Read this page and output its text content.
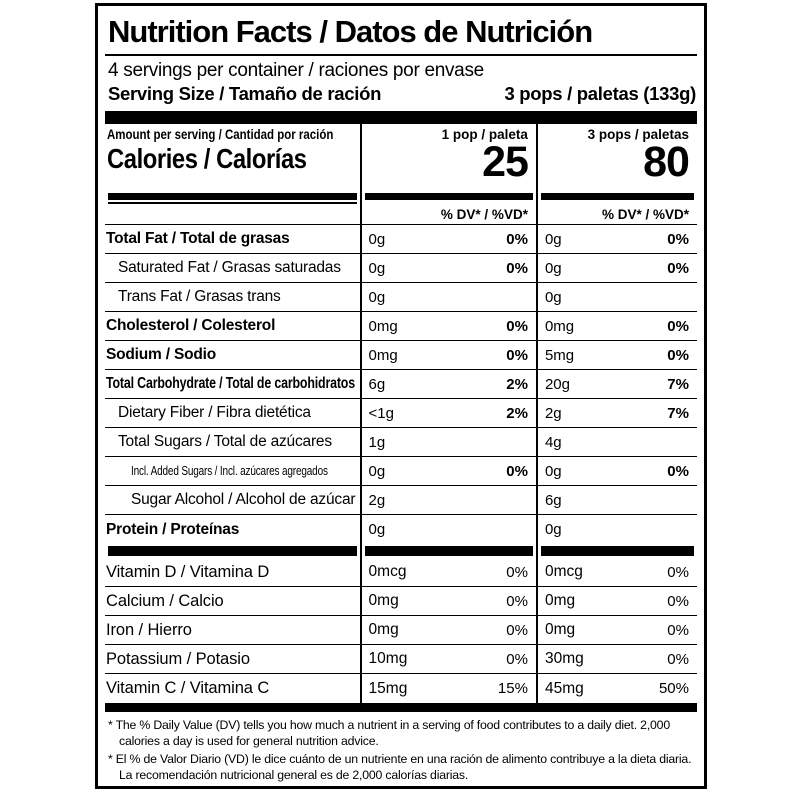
Nutrition Facts / Datos de Nutrición
4 servings per container / raciones por envase
Serving Size / Tamaño de ración	3 pops / paletas (133g)
Amount per serving / Cantidad por ración
Calories / Calorías
1 pop / paleta
25
3 pops / paletas
80
% DV* / %VD*	% DV* / %VD*
Total Fat / Total de grasas	0g	0% 0g	0%
Saturated Fat / Grasas saturadas	0g	0% 0g	0%
Trans Fat / Grasas trans	0g	0g
Cholesterol / Colesterol	0mg	0% 0mg	0%
Sodium / Sodio	0mg	0% 5mg	0%
Total Carbohydrate / Total de carbohidratos 6g	2% 20g	7%
Dietary Fiber / Fibra dietética	<1g	2% 2g	7%
Total Sugars / Total de azúcares	1g	4g
Incl. Added Sugars / Incl. azúcares agregados	0g	0% 0g	0%
Sugar Alcohol / Alcohol de azúcar 2g	6g
Protein / Proteínas	0g	0g
Vitamin D / Vitamina D	0mcg	0% 0mcg	0%
Calcium / Calcio	0mg	0% 0mg	0%
Iron / Hierro	0mg	0% 0mg	0%
Potassium / Potasio	10mg	0% 30mg	0%
Vitamin C / Vitamina C	15mg	15% 45mg	50%
* The % Daily Value (DV) tells you how much a nutrient in a serving of food contributes to a daily diet. 2,000 calories a day is used for general nutrition advice.
* El % de Valor Diario (VD) le dice cuánto de un nutriente en una ración de alimento contribuye a la dieta diaria. La recomendación nutricional general es de 2,000 calorías diarias.
